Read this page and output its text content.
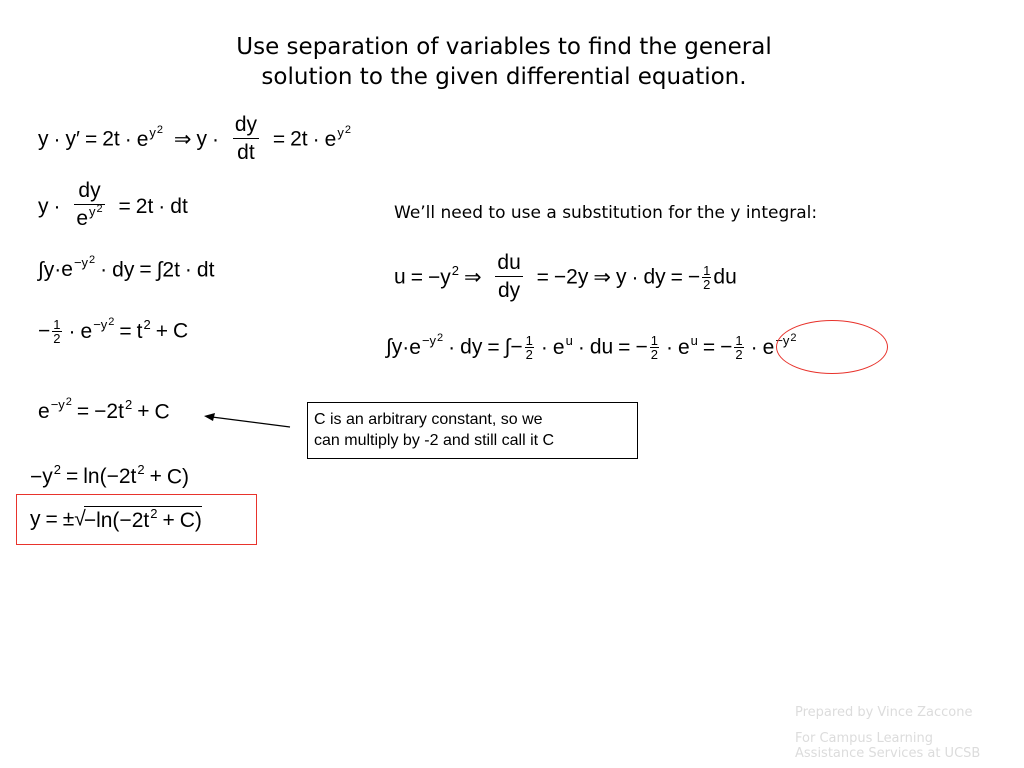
Use separation of variables to find the general
solution to the given differential equation.
$y \cdot y' = 2t \cdot e^{y^2}$ ⇒ $y \cdot \frac{dy}{dt} = 2t \cdot e^{y^2}$
$y \cdot \frac{dy}{e^{y^2}} = 2t$ · dt
$\int y\cdot e^{-y^2}$ · dy = ∫2t · dt
− $\frac{1}{2} \cdot e^{-y^2} = t^2 + C$
$e^{-y^2} = -2t^2 + C$
$-y^2 = \ln(-2t^2 + C)$
$y = \pm√-\ln(-2t^2 + C)$
We’ll need to use a substitution for the y integral:
$u = -y^2$ ⇒ $\frac{du}{dy} = -2y$ ⇒ y · dy = − $\frac{1}{2}$ du
$\int y\cdot e^{-y^2}$ · dy = ∫− $\frac{1}{2} \cdot e^u$ · du = − $\frac{1}{2} \cdot e^u$ = − $\frac{1}{2} \cdot e^{-y^2}$
C is an arbitrary constant, so we
can multiply by -2 and still call it C
Prepared by Vince Zaccone
For Campus Learning
Assistance Services at UCSB
